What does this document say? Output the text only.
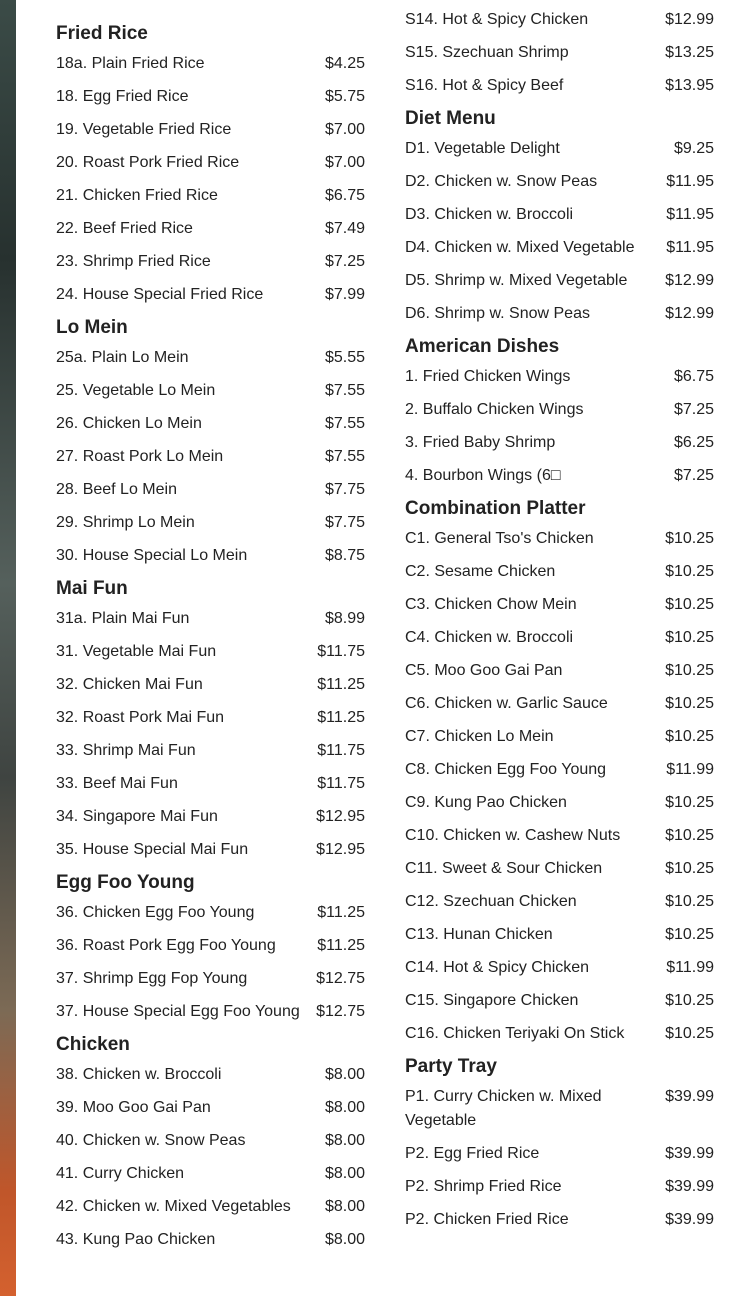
Fried Rice
18a. Plain Fried Rice	$4.25
18. Egg Fried Rice	$5.75
19. Vegetable Fried Rice	$7.00
20. Roast Pork Fried Rice	$7.00
21. Chicken Fried Rice	$6.75
22. Beef Fried Rice	$7.49
23. Shrimp Fried Rice	$7.25
24. House Special Fried Rice	$7.99
Lo Mein
25a. Plain Lo Mein	$5.55
25. Vegetable Lo Mein	$7.55
26. Chicken Lo Mein	$7.55
27. Roast Pork Lo Mein	$7.55
28. Beef Lo Mein	$7.75
29. Shrimp Lo Mein	$7.75
30. House Special Lo Mein	$8.75
Mai Fun
31a. Plain Mai Fun	$8.99
31. Vegetable Mai Fun	$11.75
32. Chicken Mai Fun	$11.25
32. Roast Pork Mai Fun	$11.25
33. Shrimp Mai Fun	$11.75
33. Beef Mai Fun	$11.75
34. Singapore Mai Fun	$12.95
35. House Special Mai Fun	$12.95
Egg Foo Young
36. Chicken Egg Foo Young	$11.25
36. Roast Pork Egg Foo Young	$11.25
37. Shrimp Egg Fop Young	$12.75
37. House Special Egg Foo Young	$12.75
Chicken
38. Chicken w. Broccoli	$8.00
39. Moo Goo Gai Pan	$8.00
40. Chicken w. Snow Peas	$8.00
41. Curry Chicken	$8.00
42. Chicken w. Mixed Vegetables	$8.00
43. Kung Pao Chicken	$8.00
S14. Hot & Spicy Chicken	$12.99
S15. Szechuan Shrimp	$13.25
S16. Hot & Spicy Beef	$13.95
Diet Menu
D1. Vegetable Delight	$9.25
D2. Chicken w. Snow Peas	$11.95
D3. Chicken w. Broccoli	$11.95
D4. Chicken w. Mixed Vegetable	$11.95
D5. Shrimp w. Mixed Vegetable	$12.99
D6. Shrimp w. Snow Peas	$12.99
American Dishes
1. Fried Chicken Wings	$6.75
2. Buffalo Chicken Wings	$7.25
3. Fried Baby Shrimp	$6.25
4. Bourbon Wings (6□	$7.25
Combination Platter
C1. General Tso's Chicken	$10.25
C2. Sesame Chicken	$10.25
C3. Chicken Chow Mein	$10.25
C4. Chicken w. Broccoli	$10.25
C5. Moo Goo Gai Pan	$10.25
C6. Chicken w. Garlic Sauce	$10.25
C7. Chicken Lo Mein	$10.25
C8. Chicken Egg Foo Young	$11.99
C9. Kung Pao Chicken	$10.25
C10. Chicken w. Cashew Nuts	$10.25
C11. Sweet & Sour Chicken	$10.25
C12. Szechuan Chicken	$10.25
C13. Hunan Chicken	$10.25
C14. Hot & Spicy Chicken	$11.99
C15. Singapore Chicken	$10.25
C16. Chicken Teriyaki On Stick	$10.25
Party Tray
P1. Curry Chicken w. Mixed Vegetable
$39.99
P2. Egg Fried Rice	$39.99
P2. Shrimp Fried Rice	$39.99
P2. Chicken Fried Rice	$39.99
